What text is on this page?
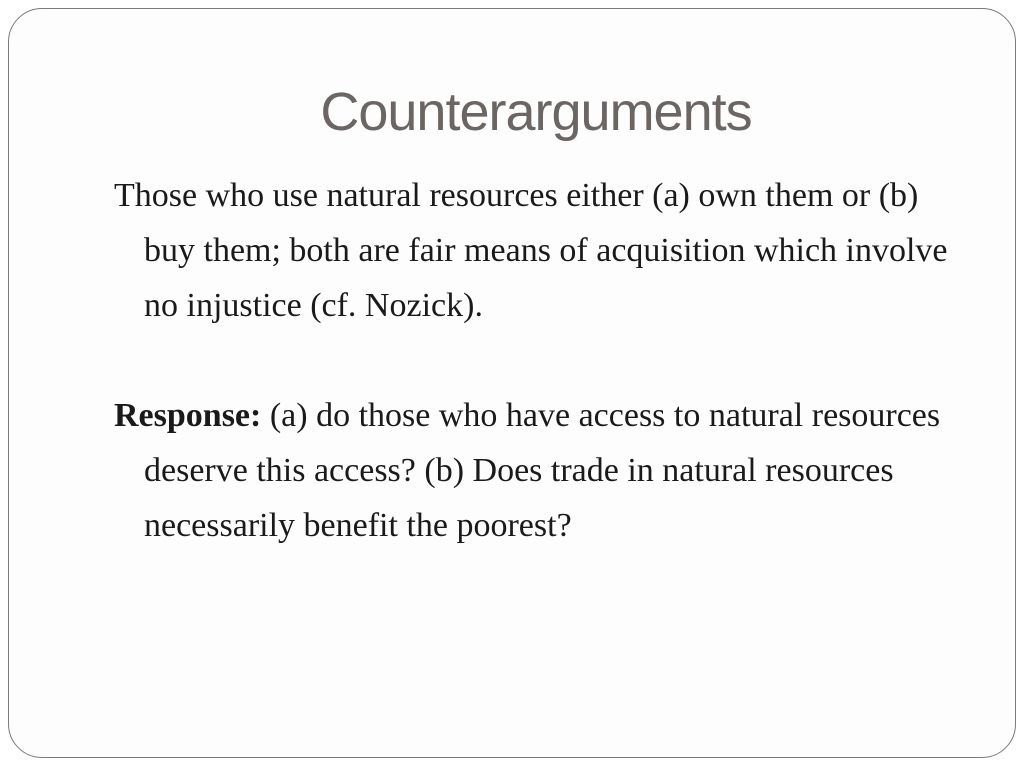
Counterarguments

Those who use natural resources either (a) own them or (b) buy them; both are fair means of acquisition which involve no injustice (cf. Nozick).

Response: (a) do those who have access to natural resources deserve this access? (b) Does trade in natural resources necessarily benefit the poorest?
